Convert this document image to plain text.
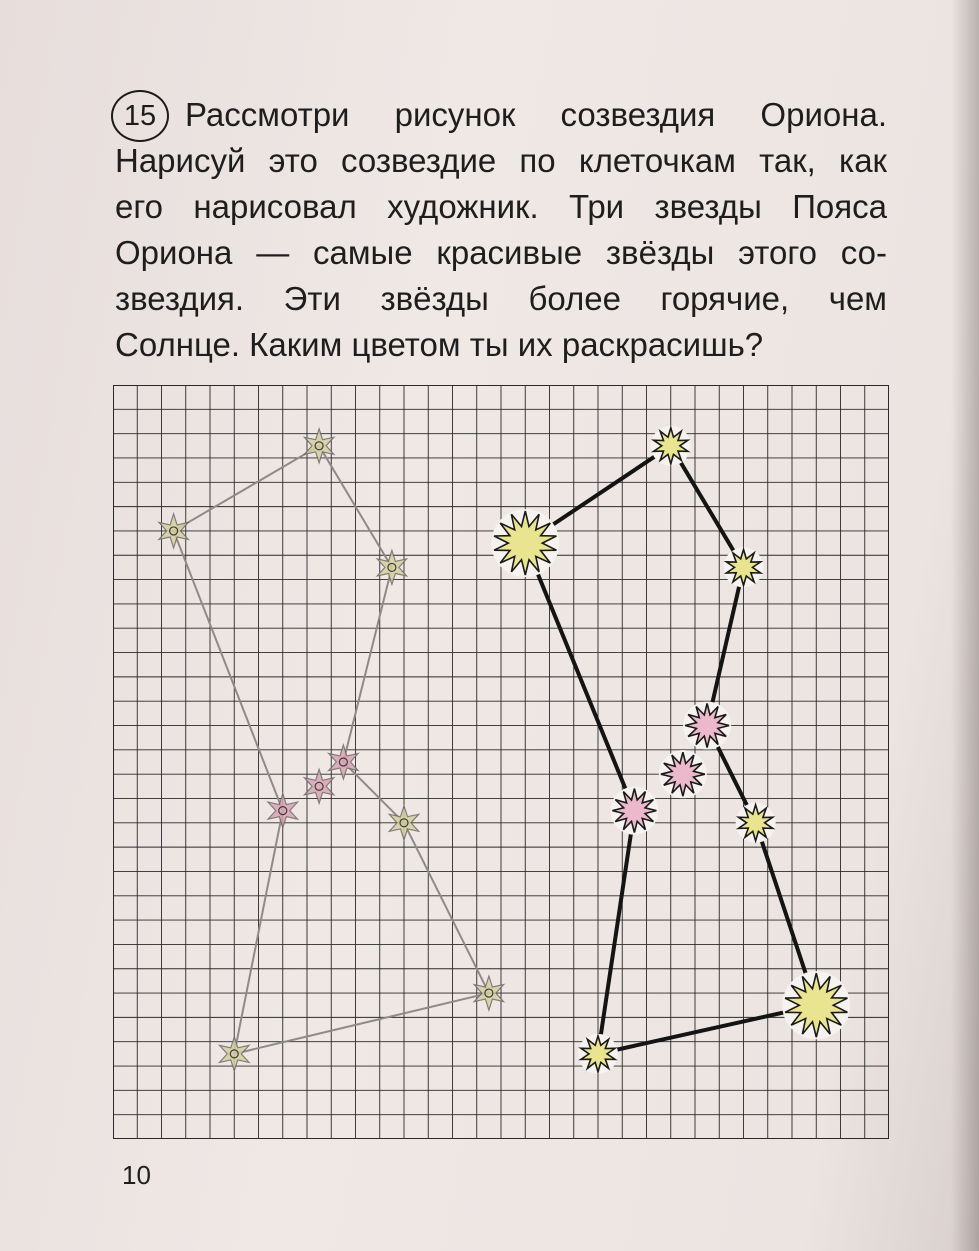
15 Рассмотри рисунок созвездия Ориона.
Нарисуй это созвездие по клеточкам так, как
его нарисовал художник. Три звезды Пояса
Ориона — самые красивые звёзды этого со-
звездия. Эти звёзды более горячие, чем
Солнце. Каким цветом ты их раскрасишь?

10
